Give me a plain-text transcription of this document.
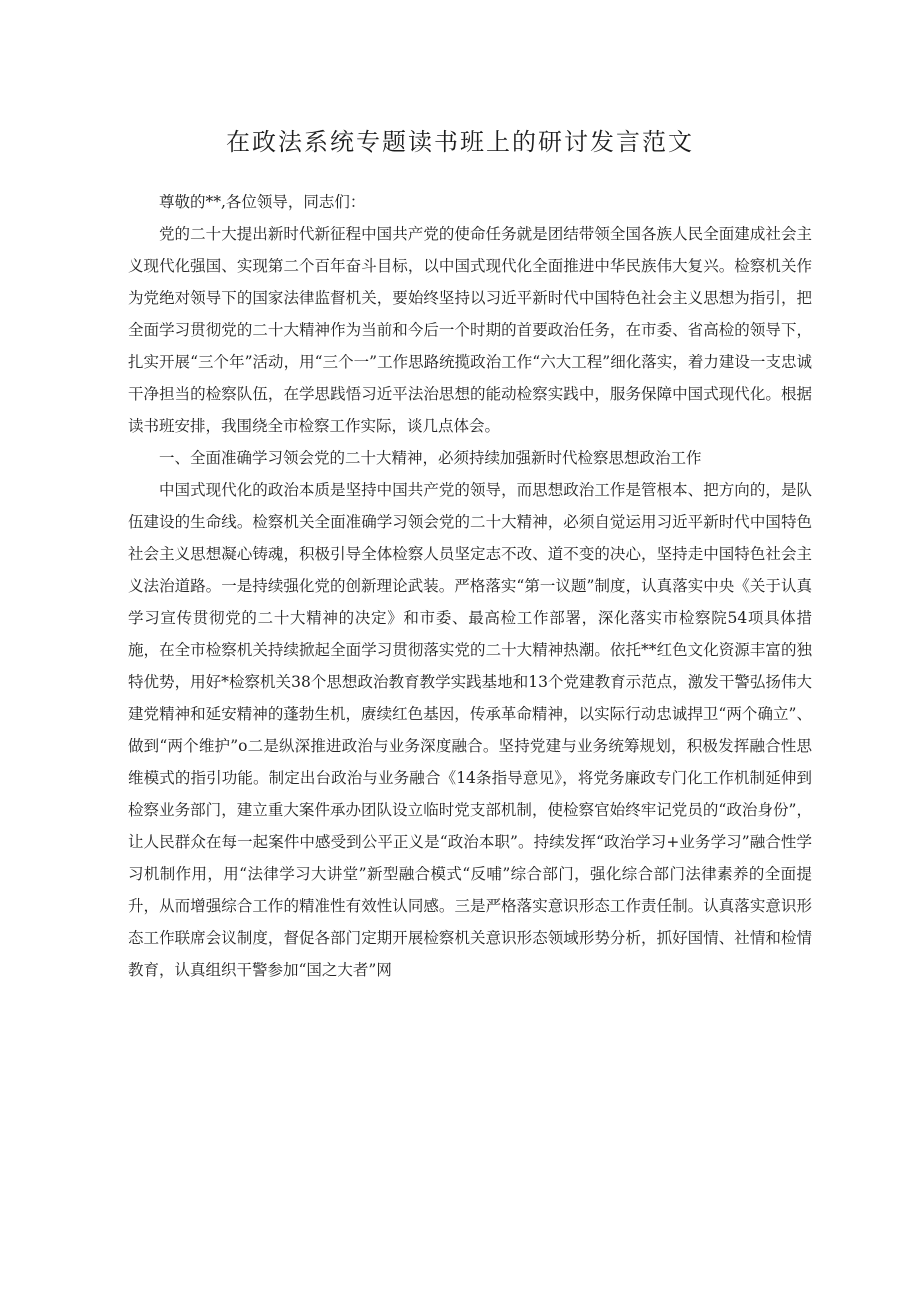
在政法系统专题读书班上的研讨发言范文

尊敬的**,各位领导，同志们：

党的二十大提出新时代新征程中国共产党的使命任务就是团结带领全国各族人民全面建成社会主义现代化强国、实现第二个百年奋斗目标，以中国式现代化全面推进中华民族伟大复兴。检察机关作为党绝对领导下的国家法律监督机关，要始终坚持以习近平新时代中国特色社会主义思想为指引，把全面学习贯彻党的二十大精神作为当前和今后一个时期的首要政治任务，在市委、省高检的领导下，扎实开展“三个年”活动，用“三个一”工作思路统揽政治工作“六大工程”细化落实，着力建设一支忠诚干净担当的检察队伍，在学思践悟习近平法治思想的能动检察实践中，服务保障中国式现代化。根据读书班安排，我围绕全市检察工作实际，谈几点体会。

一、全面准确学习领会党的二十大精神，必须持续加强新时代检察思想政治工作

中国式现代化的政治本质是坚持中国共产党的领导，而思想政治工作是管根本、把方向的，是队伍建设的生命线。检察机关全面准确学习领会党的二十大精神，必须自觉运用习近平新时代中国特色社会主义思想凝心铸魂，积极引导全体检察人员坚定志不改、道不变的决心，坚持走中国特色社会主义法治道路。一是持续强化党的创新理论武装。严格落实“第一议题”制度，认真落实中央《关于认真学习宣传贯彻党的二十大精神的决定》和市委、最高检工作部署，深化落实市检察院54项具体措施，在全市检察机关持续掀起全面学习贯彻落实党的二十大精神热潮。依托**红色文化资源丰富的独特优势，用好*检察机关38个思想政治教育教学实践基地和13个党建教育示范点，激发干警弘扬伟大建党精神和延安精神的蓬勃生机，赓续红色基因，传承革命精神，以实际行动忠诚捍卫“两个确立”、做到“两个维护”o二是纵深推进政治与业务深度融合。坚持党建与业务统筹规划，积极发挥融合性思维模式的指引功能。制定出台政治与业务融合《14条指导意见》，将党务廉政专门化工作机制延伸到检察业务部门，建立重大案件承办团队设立临时党支部机制，使检察官始终牢记党员的“政治身份”，让人民群众在每一起案件中感受到公平正义是“政治本职”。持续发挥“政治学习+业务学习”融合性学习机制作用，用“法律学习大讲堂”新型融合模式“反哺”综合部门，强化综合部门法律素养的全面提升，从而增强综合工作的精准性有效性认同感。三是严格落实意识形态工作责任制。认真落实意识形态工作联席会议制度，督促各部门定期开展检察机关意识形态领域形势分析，抓好国情、社情和检情教育，认真组织干警参加“国之大者”网
